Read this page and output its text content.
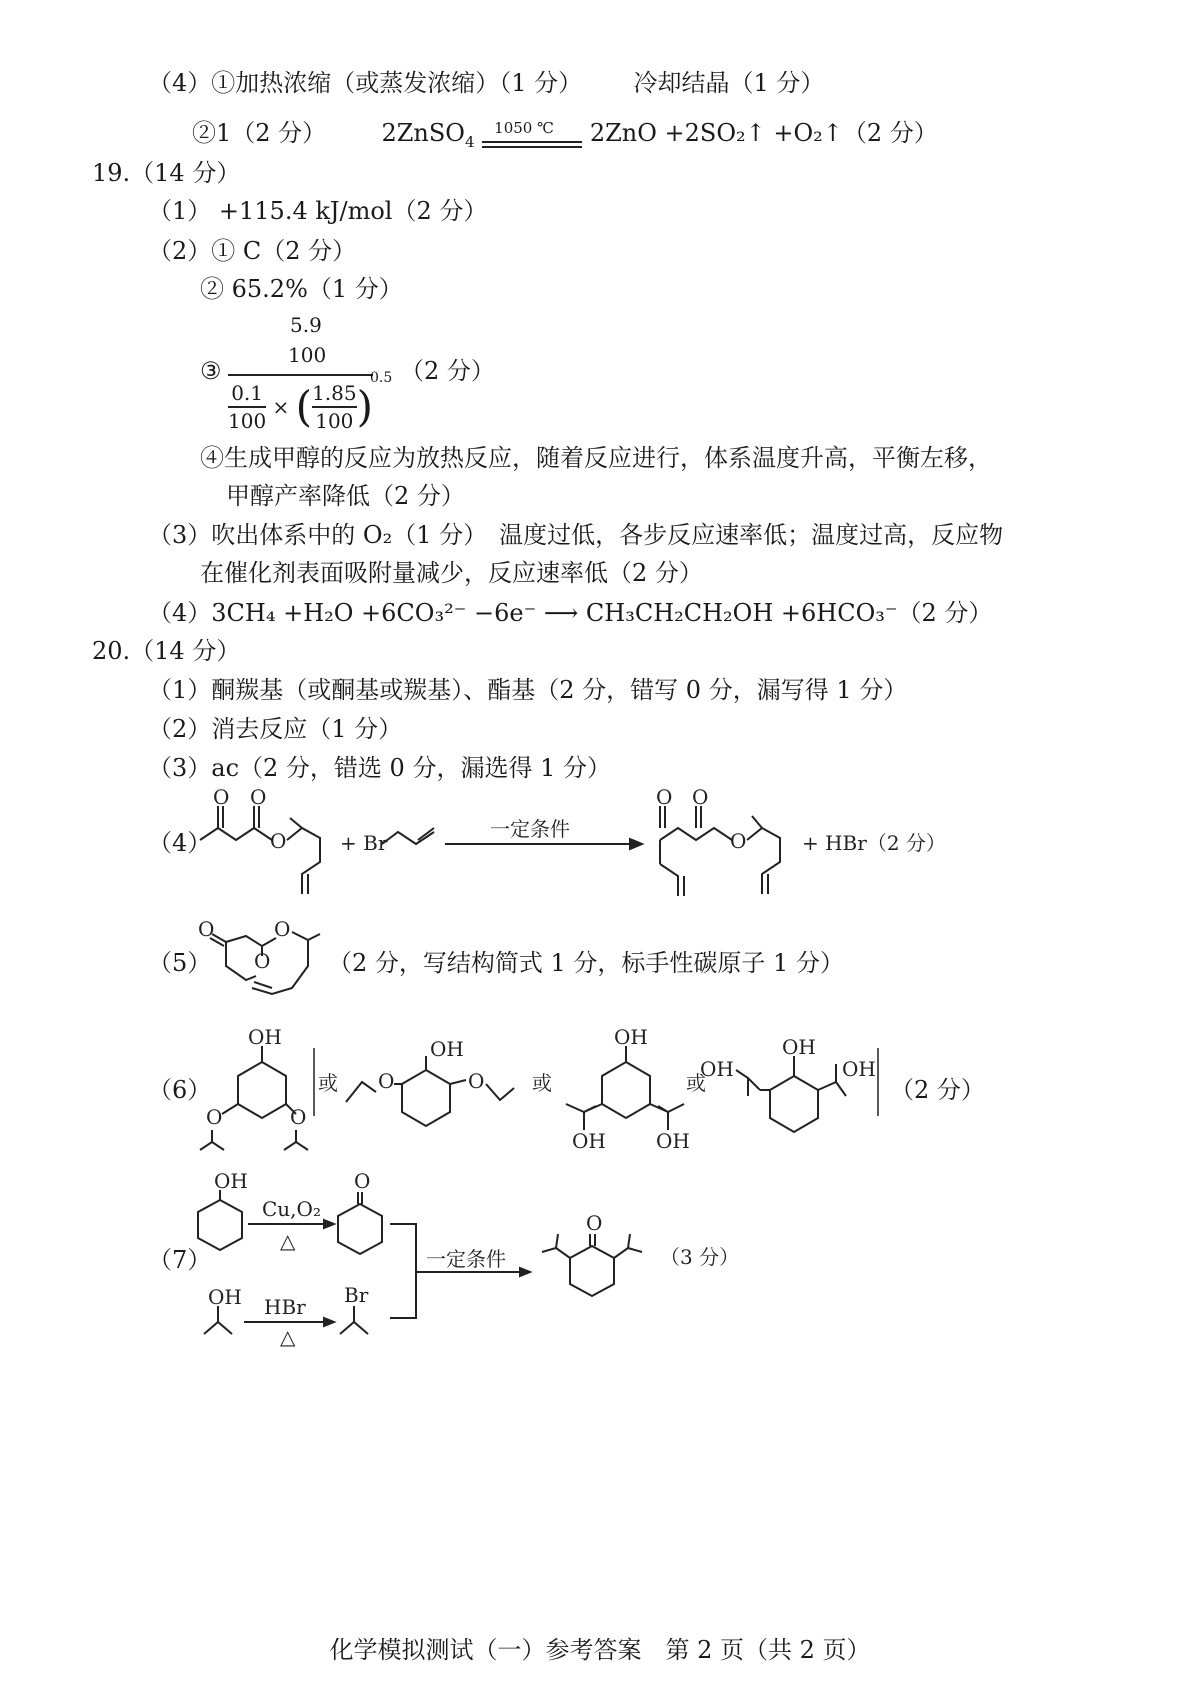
（4）①加热浓缩（或蒸发浓缩）（1 分） 冷却结晶（1 分）
②1（2 分） 2ZnSO$_4$
1050 ℃ 2ZnO +2SO₂↑ +O₂↑（2 分）
19.（14 分）
（1） +115.4 kJ/mol（2 分）
（2）① C（2 分）
② 65.2%（1 分）
5.9
100
③
$\frac{0.1}{100}$ × ( $\frac{1.85}{100}$ )
0.5 （2 分）
④生成甲醇的反应为放热反应，随着反应进行，体系温度升高，平衡左移，
甲醇产率降低（2 分）
（3）吹出体系中的 O₂（1 分）　温度过低，各步反应速率低；温度过高，反应物
在催化剂表面吸附量减少，反应速率低（2 分）
（4）3CH₄ +H₂O +6CO₃²⁻ −6e⁻ ⟶ CH₃CH₂CH₂OH +6HCO₃⁻（2 分）
20.（14 分）
（1）酮羰基（或酮基或羰基）、酯基（2 分，错写 0 分，漏写得 1 分）
（2）消去反应（1 分）
（3）ac（2 分，错选 0 分，漏选得 1 分）
（4）
O O
O	+ Br
一定条件
O O
O	+ HBr（2 分）
（5）
O
O
O
（2 分，写结构简式 1 分，标手性碳原子 1 分）
（6）
OH
O	O
或 O
OH
O 或
OH
OH	OH
或
OH
OH
OH
（2 分）
（7）
OH
Cu,O₂
△
O
OH HBr
△
Br
一定条件
O
（3 分）
化学模拟测试（一）参考答案　第 2 页（共 2 页）
